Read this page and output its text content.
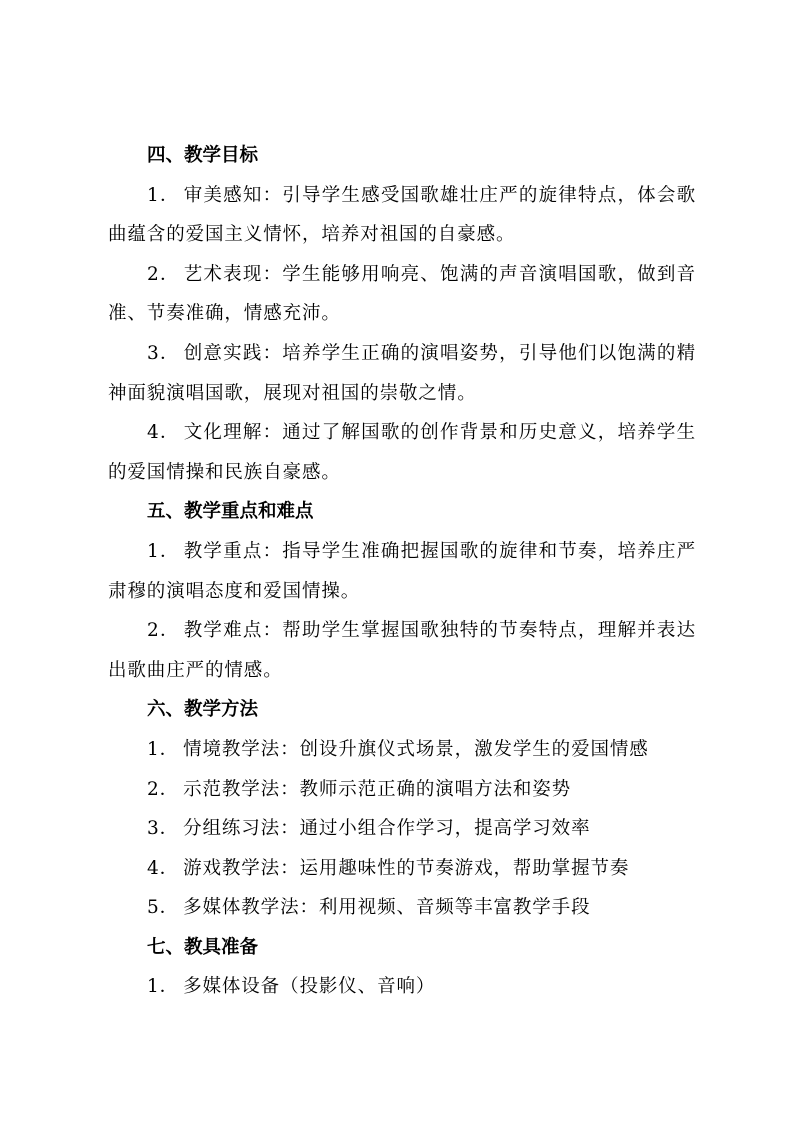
四、教学目标

1． 审美感知：引导学生感受国歌雄壮庄严的旋律特点，体会歌曲蕴含的爱国主义情怀，培养对祖国的自豪感。

2． 艺术表现：学生能够用响亮、饱满的声音演唱国歌，做到音准、节奏准确，情感充沛。

3． 创意实践：培养学生正确的演唱姿势，引导他们以饱满的精神面貌演唱国歌，展现对祖国的崇敬之情。

4． 文化理解：通过了解国歌的创作背景和历史意义，培养学生的爱国情操和民族自豪感。

五、教学重点和难点

1． 教学重点：指导学生准确把握国歌的旋律和节奏，培养庄严肃穆的演唱态度和爱国情操。

2． 教学难点：帮助学生掌握国歌独特的节奏特点，理解并表达出歌曲庄严的情感。

六、教学方法

1． 情境教学法：创设升旗仪式场景，激发学生的爱国情感

2． 示范教学法：教师示范正确的演唱方法和姿势

3． 分组练习法：通过小组合作学习，提高学习效率

4． 游戏教学法：运用趣味性的节奏游戏，帮助掌握节奏

5． 多媒体教学法：利用视频、音频等丰富教学手段

七、教具准备

1． 多媒体设备（投影仪、音响）
